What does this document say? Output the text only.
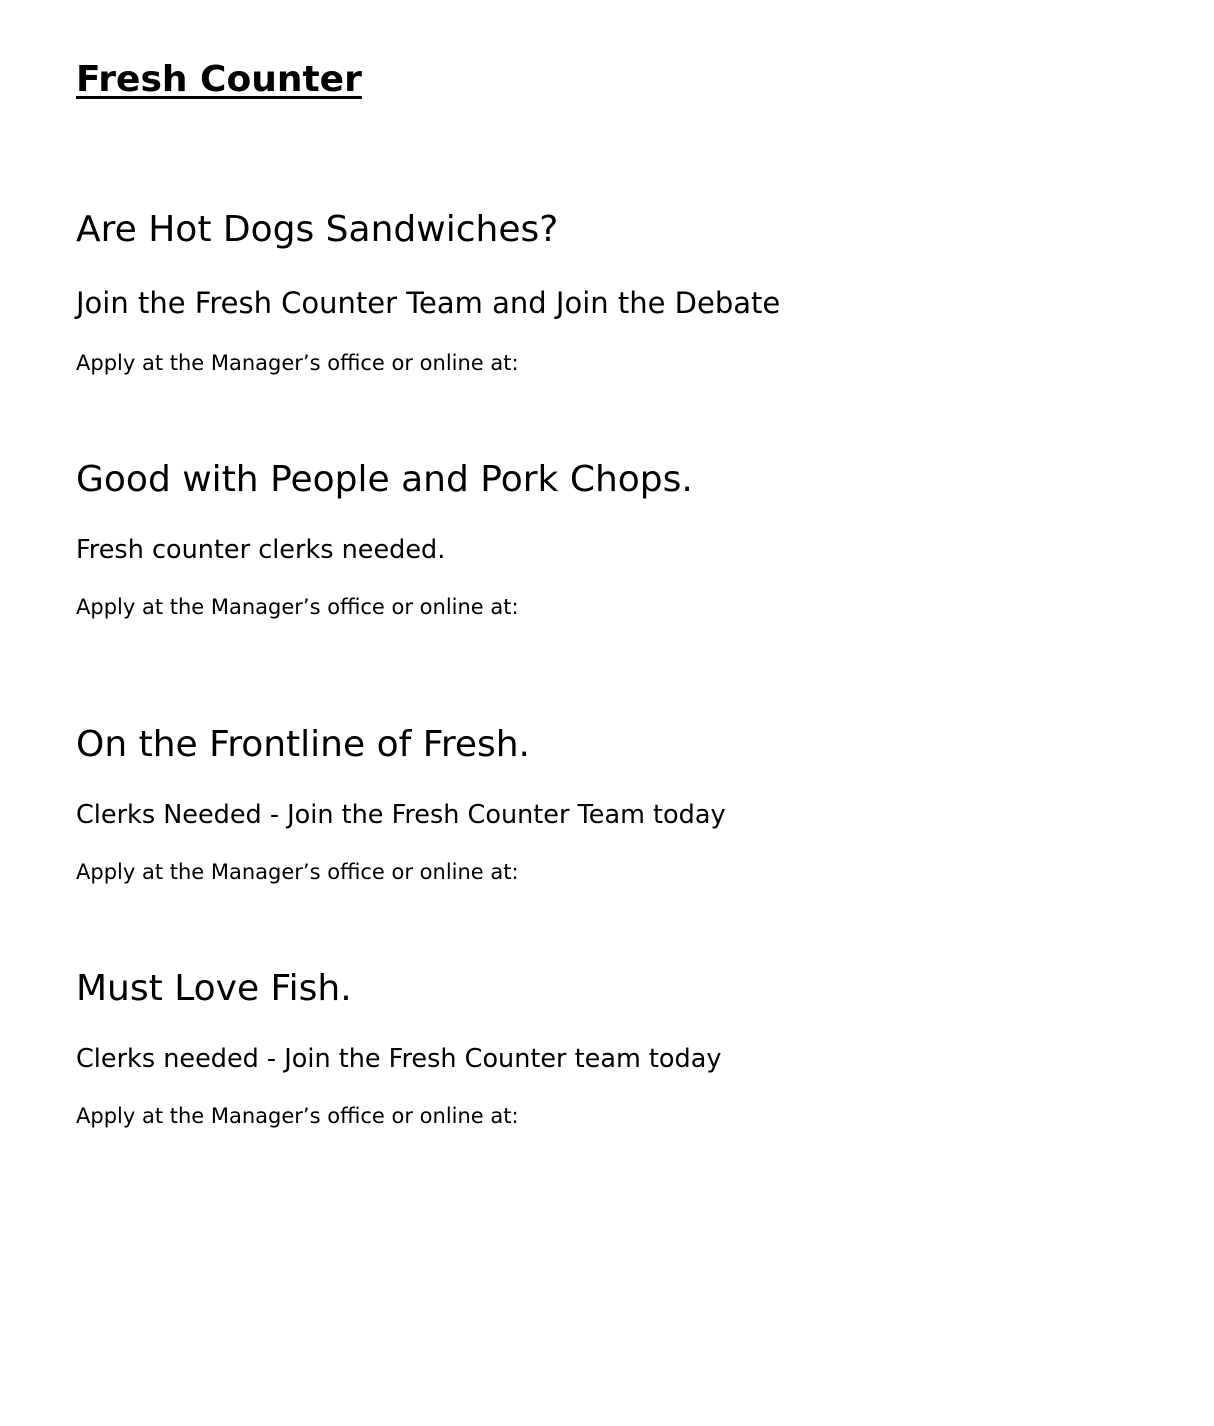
Fresh Counter
Are Hot Dogs Sandwiches?

Join the Fresh Counter Team and Join the Debate

Apply at the Manager’s office or online at:

Good with People and Pork Chops.

Fresh counter clerks needed.

Apply at the Manager’s office or online at:

On the Frontline of Fresh.

Clerks Needed - Join the Fresh Counter Team today

Apply at the Manager’s office or online at:

Must Love Fish.

Clerks needed - Join the Fresh Counter team today

Apply at the Manager’s office or online at:
